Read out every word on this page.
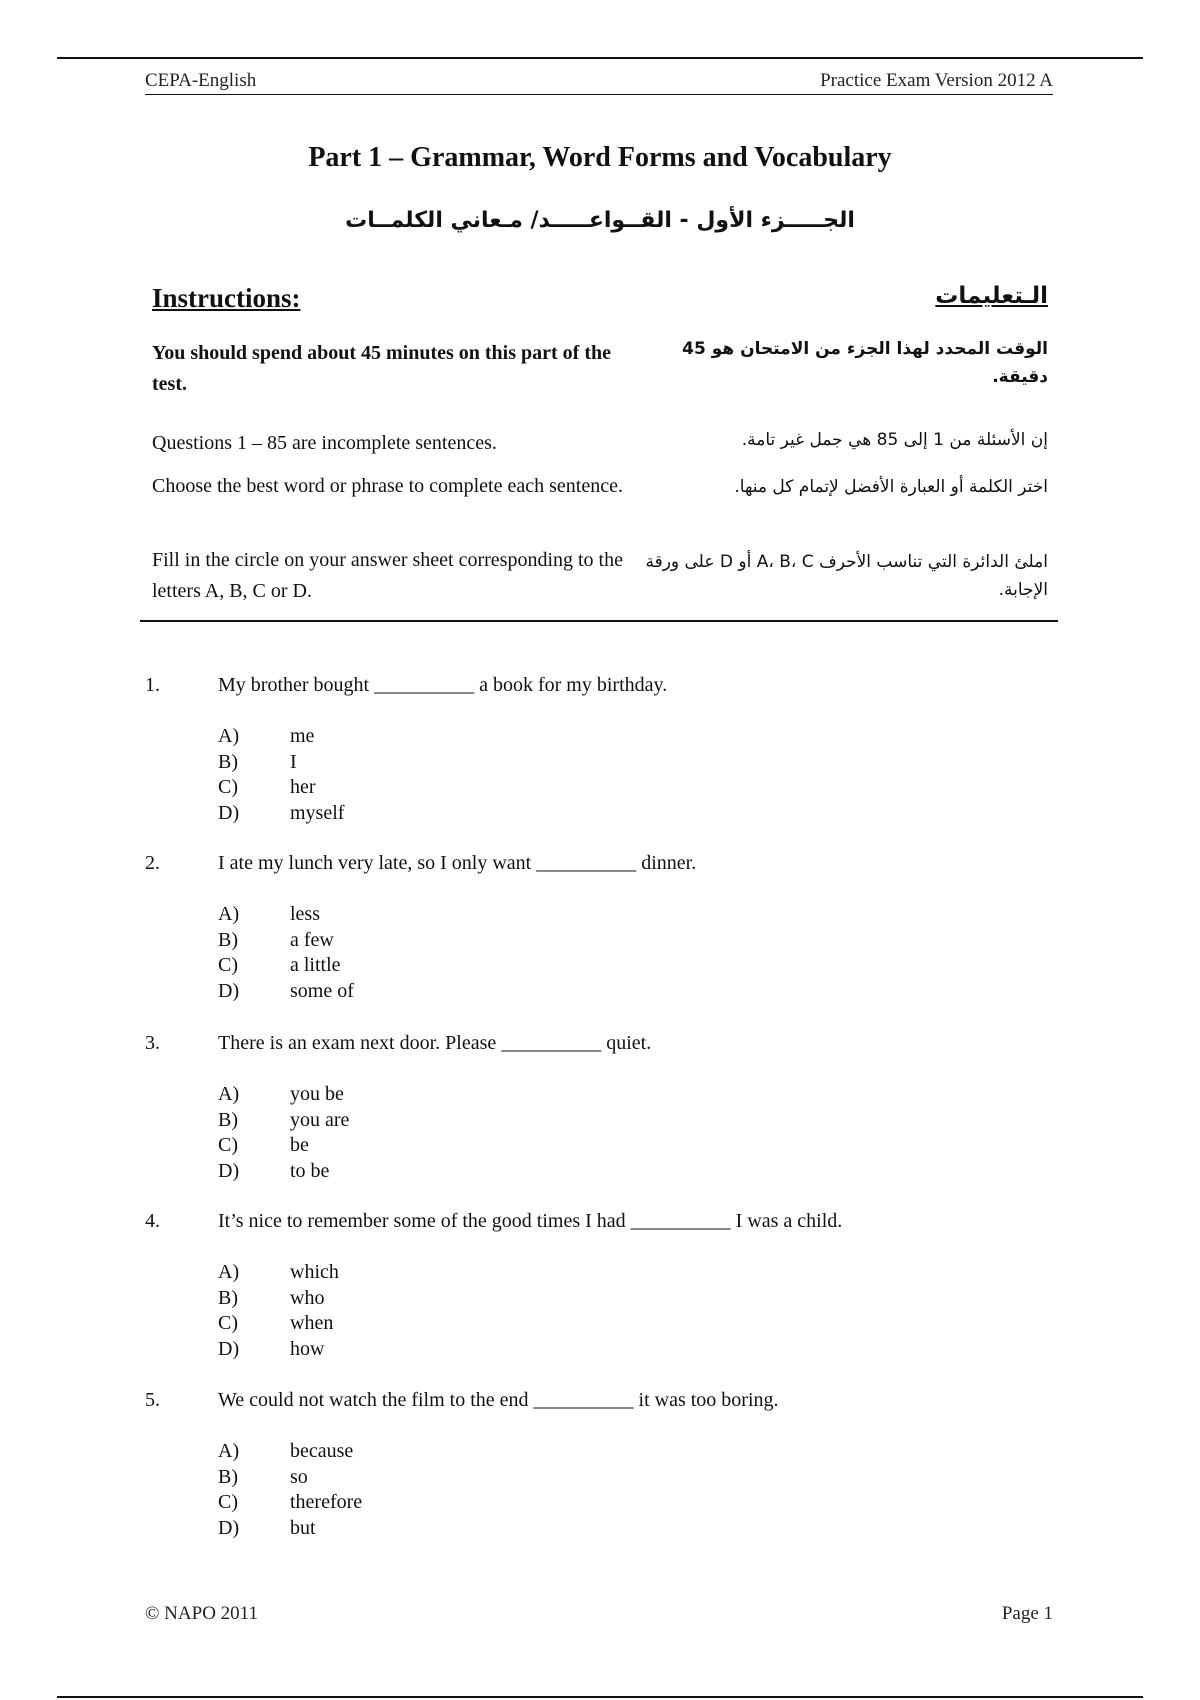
CEPA-English	Practice Exam Version 2012 A
Part 1 – Grammar, Word Forms and Vocabulary
الجـــــزء الأول - القــواعـــــد/ مـعاني الكلمــات
Instructions:	الـتعليمات
You should spend about 45 minutes on this part of the test.
الوقت المحدد لهذا الجزء من الامتحان هو 45 دقيقة.
Questions 1 – 85 are incomplete sentences.	إن الأسئلة من 1 إلى 85 هي جمل غير تامة.
Choose the best word or phrase to complete each sentence.	اختر الكلمة أو العبارة الأفضل لإتمام كل منها.
Fill in the circle on your answer sheet corresponding to the letters A, B, C or D.
املئ الدائرة التي تناسب الأحرف A، B، C أو D على ورقة الإجابة.
1.	My brother bought __________ a book for my birthday.
A)	me
B)	I
C)	her
D)	myself
2.	I ate my lunch very late, so I only want __________ dinner.
A)	less
B)	a few
C)	a little
D)	some of
3.	There is an exam next door. Please __________ quiet.
A)	you be
B)	you are
C)	be
D)	to be
4.	It’s nice to remember some of the good times I had __________ I was a child.
A)	which
B)	who
C)	when
D)	how
5.	We could not watch the film to the end __________ it was too boring.
A)	because
B)	so
C)	therefore
D)	but
© NAPO 2011	Page 1
